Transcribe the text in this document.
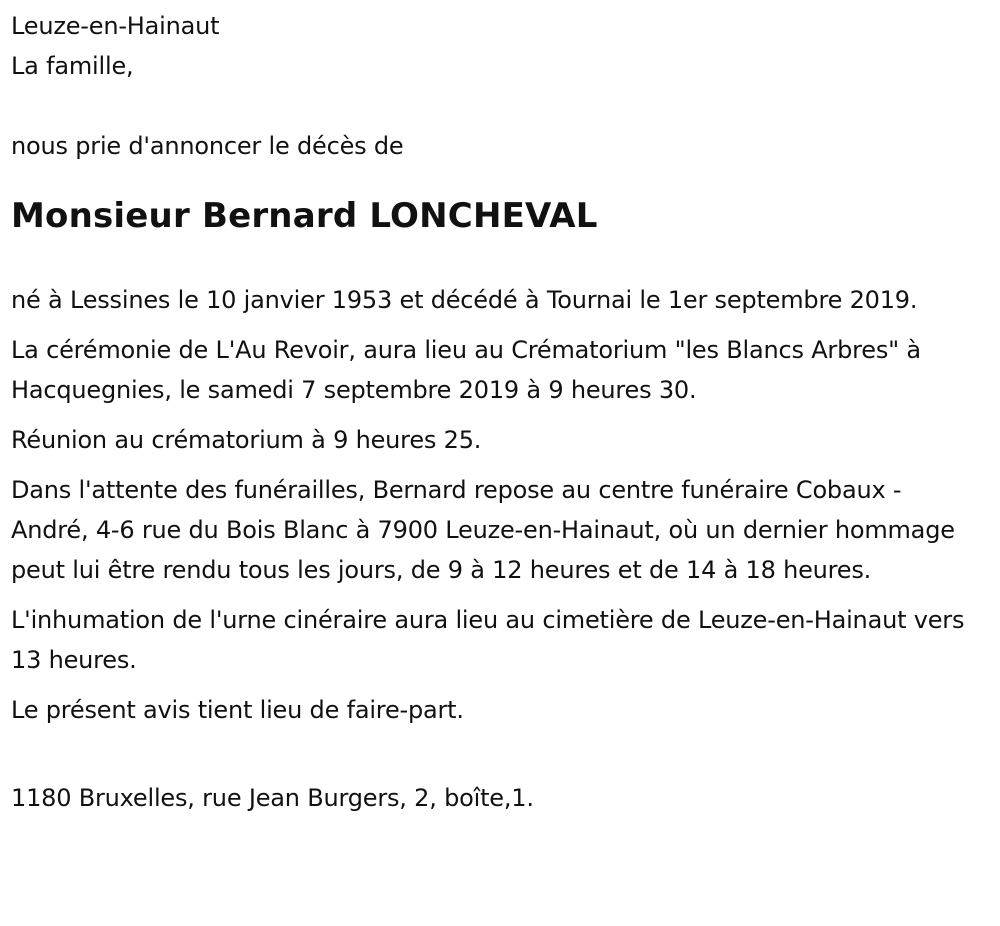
Leuze-en-Hainaut

La famille,

nous prie d'annoncer le décès de

Monsieur Bernard LONCHEVAL

né à Lessines le 10 janvier 1953 et décédé à Tournai le 1er septembre 2019.

La cérémonie de L'Au Revoir, aura lieu au Crématorium "les Blancs Arbres" à Hacquegnies, le samedi 7 septembre 2019 à 9 heures 30.

Réunion au crématorium à 9 heures 25.

Dans l'attente des funérailles, Bernard repose au centre funéraire Cobaux - André, 4-6 rue du Bois Blanc à 7900 Leuze-en-Hainaut, où un dernier hommage peut lui être rendu tous les jours, de 9 à 12 heures et de 14 à 18 heures.

L'inhumation de l'urne cinéraire aura lieu au cimetière de Leuze-en-Hainaut vers 13 heures.

Le présent avis tient lieu de faire-part.

1180 Bruxelles, rue Jean Burgers, 2, boîte,1.
